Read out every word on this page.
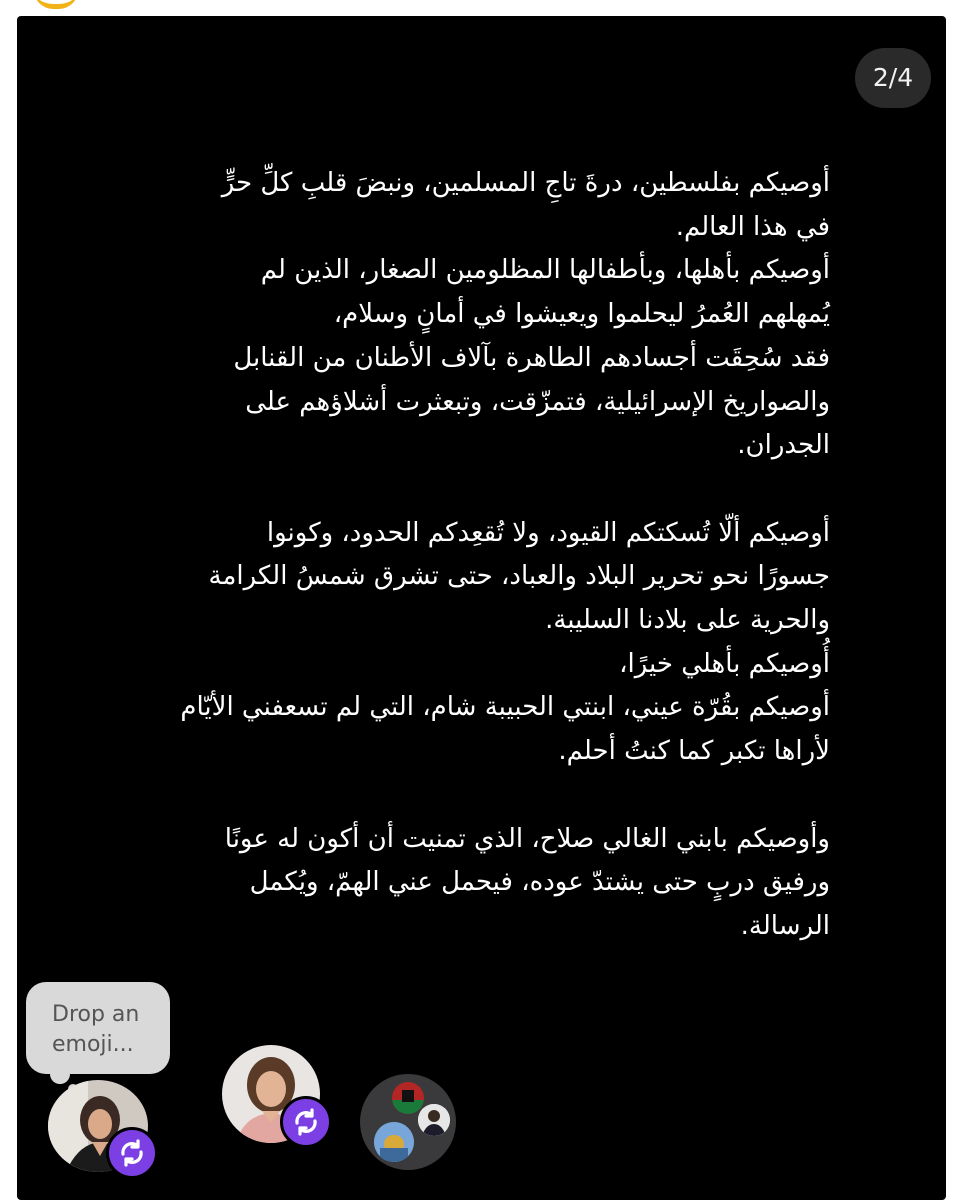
2/4
أوصيكم بفلسطين، درةَ تاجِ المسلمين، ونبضَ قلبِ كلِّ حرٍّ
في هذا العالم.
أوصيكم بأهلها، وبأطفالها المظلومين الصغار، الذين لم
يُمهلهم العُمرُ ليحلموا ويعيشوا في أمانٍ وسلام،
فقد سُحِقَت أجسادهم الطاهرة بآلاف الأطنان من القنابل
والصواريخ الإسرائيلية، فتمزّقت، وتبعثرت أشلاؤهم على
الجدران.
أوصيكم ألّا تُسكتكم القيود، ولا تُقعِدكم الحدود، وكونوا
جسورًا نحو تحرير البلاد والعباد، حتى تشرق شمسُ الكرامة
والحرية على بلادنا السليبة.
أُوصيكم بأهلي خيرًا،
أوصيكم بقُرّة عيني، ابنتي الحبيبة شام، التي لم تسعفني الأيّام
لأراها تكبر كما كنتُ أحلم.
وأوصيكم بابني الغالي صلاح، الذي تمنيت أن أكون له عونًا
ورفيق دربٍ حتى يشتدّ عوده، فيحمل عني الهمّ، ويُكمل
الرسالة.
Drop an
emoji...
